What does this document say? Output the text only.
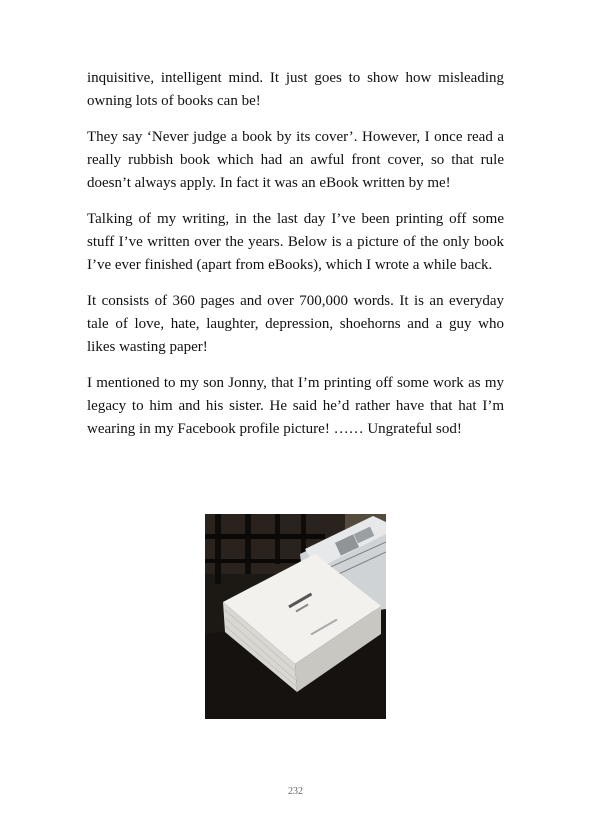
inquisitive, intelligent mind. It just goes to show how misleading owning lots of books can be!

They say ‘Never judge a book by its cover’. However, I once read a really rubbish book which had an awful front cover, so that rule doesn’t always apply. In fact it was an eBook written by me!

Talking of my writing, in the last day I’ve been printing off some stuff I’ve written over the years. Below is a picture of the only book I’ve ever finished (apart from eBooks), which I wrote a while back.

It consists of 360 pages and over 700,000 words. It is an everyday tale of love, hate, laughter, depression, shoehorns and a guy who likes wasting paper!

I mentioned to my son Jonny, that I’m printing off some work as my legacy to him and his sister. He said he’d rather have that hat I’m wearing in my Facebook profile picture! …… Ungrateful sod!

232
